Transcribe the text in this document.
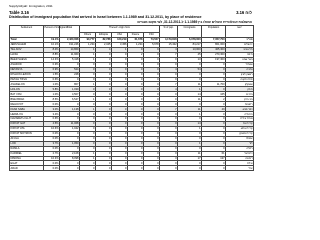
Supply/Aliyah: Immigration, 2011
Table 3.16	3.16 לוח
Distribution of immigrant population that arrived in Israel between 1.1.1989 and 31.12.2011, by place of residence
התפלגות אוכלוסיית העולים שעלו בין 1.1.1989 ל-31.12.2011, לפי מקום מגורים
Settlement	Percent of immigrants	Total	Thereof: origin from					% of pop.	Immigrants	Population	יישוב
			Others	Ethiopia	USA	France	FSU				
Total	19.1%	2,420,008	90,777	82,788	120,219	61,678	73,527	4,179,818	6,378,000	7,357,700	סה"כ
JERUSALEM	10.1%	191,246	1,234	2,345	3,456	1,234	5,678	15,432	84,217	801,000	ירושלים
TEL AVIV	8.4%	14,869	1	4	1	9	9	4	13,000	405,300	תל אביב
HAIFA	8.8%	11,960	1	0	0	2	0	7	45	270,300	חיפה
BEER SHEVA	14.3%	5,418	1	3	0	0	0	0	13	197,300	באר שבע
ASHDOD	0.3%	0	0	0	0	0	0	0	0	0	אשדוד
NETANYA	6.9%	524	0	0	0	0	0	4	54	0	נתניה
RISHON LEZION	1.5%	228	0	0	0	0	0	0	0	0	ראשון לציון
PETAH TIKVA	0.6%	0	0	0	0	0	0	0	0	0	פתח תקווה
ASHKELON	1.0%	807	1	0	0	0	0	7	11	11,700	אשקלון
HOLON	5.8%	1,039	0	0	0	0	0	4	1	0	חולון
BAT YAM	1.0%	4,507	0	0	0	0	0	0	14	165	בת ים
BNEI BRAK	8.5%	6,547	1	0	0	0	0	0	11	2	בני ברק
REHOVOT	0.0%	0	0	0	0	0	0	0	0	0	רחובות
KFAR SABA	3.0%	1,138	1	0	0	0	0	7	11	49	כפר סבא
HERZLIYA	3.4%	0	0	0	0	0	0	0	1	0	הרצליה
NAZARETH ILLIT	0.6%	0	0	0	0	0	0	0	0	0	נצרת עילית
KIRYAT GAT	4.5%	11,068	0	0	0	0	0	0	14	0	קריית גת
KIRYAT ATA	10.6%	1,042	0	0	0	0	0	0	1	0	קריית אתא
KIRYAT MOTZKIN	0.0%	0	0	0	0	0	0	0	0	0	קריית מוצקין
AFULA	0.0%	0	0	0	0	0	0	0	0	0	עפולה
LOD	3.7%	1,050	0	0	0	0	0	0	1	0	לוד
RAMLA	0.0%	0	0	0	0	0	0	0	0	0	רמלה
KARMIEL	2.7%	2,108	1	0	0	0	0	0	11	61	כרמיאל
DIMONA	10.3%	8,098	1	0	0	0	0	3	17	137	דימונה
EILAT	0.0%	0	0	0	0	0	0	0	0	0	אילת
ARAD	0.0%	0	0	0	0	0	0	0	0	0	ערד
